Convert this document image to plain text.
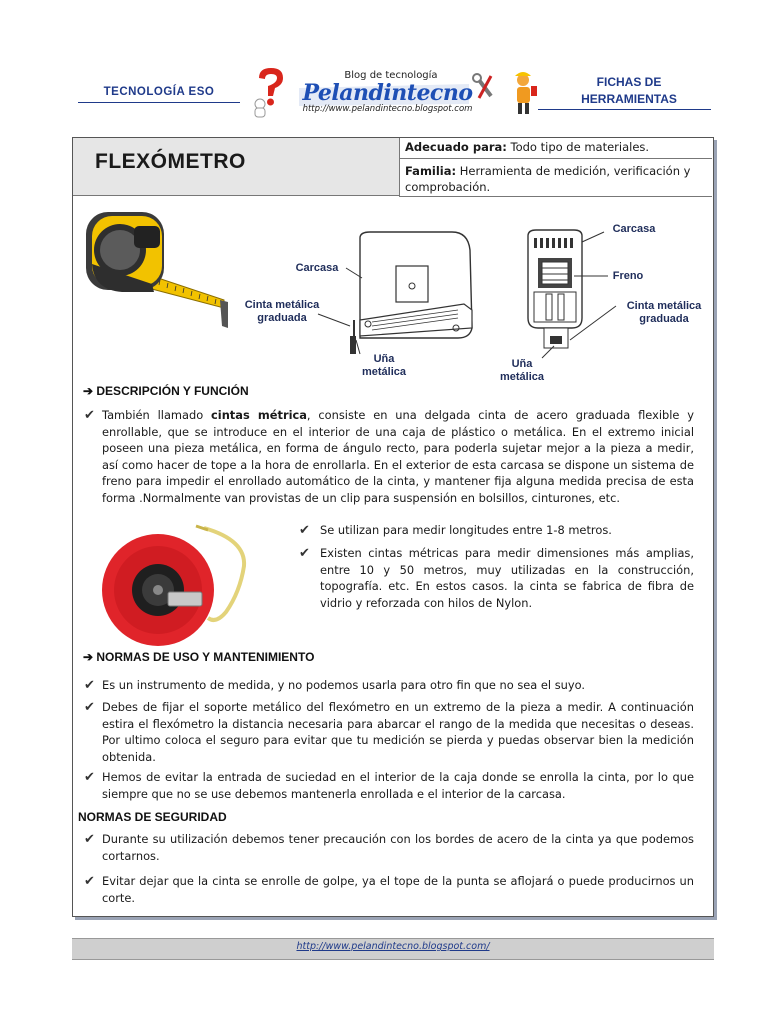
TECNOLOGÍA ESO
Blog de tecnología
Pelandintecno
http://www.pelandintecno.blogspot.com
FICHAS DE
HERRAMIENTAS
FLEXÓMETRO
Adecuado para: Todo tipo de materiales.
Familia: Herramienta de medición, verificación y comprobación.
Carcasa
Cinta metálica
graduada
Uña
metálica
Carcasa
Freno
Cinta metálica
graduada
Uña
metálica
➔ DESCRIPCIÓN Y FUNCIÓN
✔ También llamado cintas métrica, consiste en una delgada cinta de acero graduada flexible y enrollable, que se introduce en el interior de una caja de plástico o metálica. En el extremo inicial poseen una pieza metálica, en forma de ángulo recto, para poderla sujetar mejor a la pieza a medir, así como hacer de tope a la hora de enrollarla. En el exterior de esta carcasa se dispone un sistema de freno para impedir el enrollado automático de la cinta, y mantener fija alguna medida precisa de esta forma .Normalmente van provistas de un clip para suspensión en bolsillos, cinturones, etc.
✔ Se utilizan para medir longitudes entre 1-8 metros.
✔ Existen cintas métricas para medir dimensiones más amplias, entre 10 y 50 metros, muy utilizadas en la construcción, topografía. etc. En estos casos. la cinta se fabrica de fibra de vidrio y reforzada con hilos de Nylon.
➔ NORMAS DE USO Y MANTENIMIENTO
✔ Es un instrumento de medida, y no podemos usarla para otro fin que no sea el suyo.
✔ Debes de fijar el soporte metálico del flexómetro en un extremo de la pieza a medir. A continuación estira el flexómetro la distancia necesaria para abarcar el rango de la medida que necesitas o deseas. Por ultimo coloca el seguro para evitar que tu medición se pierda y puedas observar bien la medición obtenida.
✔ Hemos de evitar la entrada de suciedad en el interior de la caja donde se enrolla la cinta, por lo que siempre que no se use debemos mantenerla enrollada e el interior de la carcasa.
NORMAS DE SEGURIDAD
✔ Durante su utilización debemos tener precaución con los bordes de acero de la cinta ya que podemos cortarnos.
✔ Evitar dejar que la cinta se enrolle de golpe, ya el tope de la punta se aflojará o puede producirnos un corte.
http://www.pelandintecno.blogspot.com/
